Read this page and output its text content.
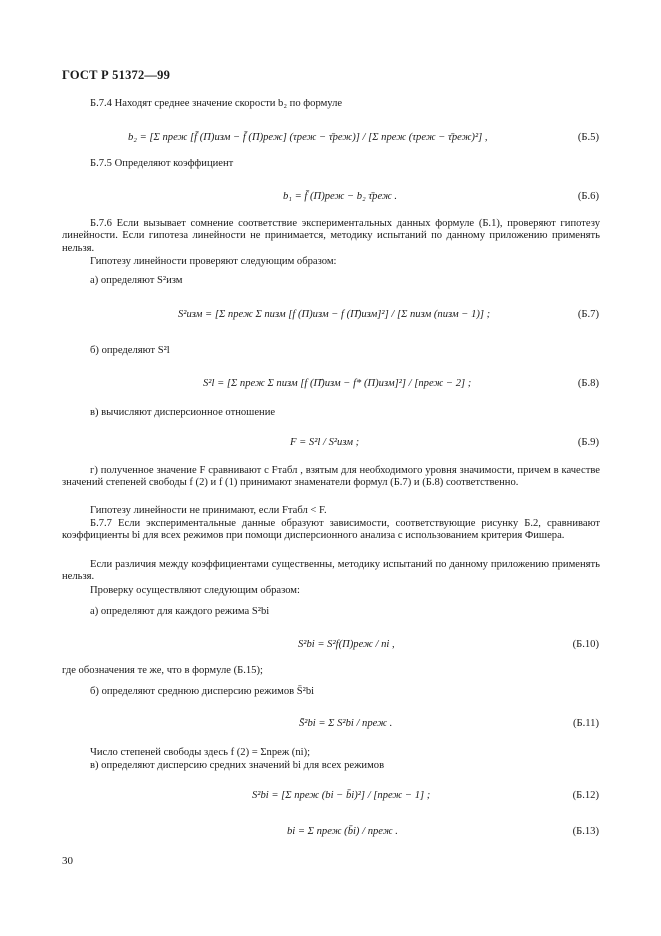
ГОСТ Р 51372—99
Б.7.4 Находят среднее значение скорости b₂ по формуле
b₂ = [Σ nреж [f̄ (П)изм − f̄ (П)реж] (τреж − τ̄реж)] / [Σ nреж (τреж − τ̄реж)²] ,	(Б.5)
Б.7.5 Определяют коэффициент
b₁ = f̄ (П)реж − b₂ τ̄реж .	(Б.6)
Б.7.6 Если вызывает сомнение соответствие экспериментальных данных формуле (Б.1), проверяют гипотезу линейности. Если гипотеза линейности не принимается, методику испытаний по данному приложению применять нельзя.
Гипотезу линейности проверяют следующим образом:
а) определяют S²изм
S²изм = [Σ nреж Σ nизм [f (П)изм − f (П̄)изм]²] / [Σ nизм (nизм − 1)] ;	(Б.7)
б) определяют S²l
S²l = [Σ nреж Σ nизм [f (П̄)изм − f* (П)изм]²] / [nреж − 2] ;	(Б.8)
в) вычисляют дисперсионное отношение
F = S²l / S²изм ;	(Б.9)
г) полученное значение F сравнивают с Fтабл , взятым для необходимого уровня значимости, причем в качестве значений степеней свободы f (2) и f (1) принимают знаменатели формул (Б.7) и (Б.8) соответственно.
Гипотезу линейности не принимают, если Fтабл < F.
Б.7.7 Если экспериментальные данные образуют зависимости, соответствующие рисунку Б.2, сравнивают коэффициенты bi для всех режимов при помощи дисперсионного анализа с использованием критерия Фишера.
Если различия между коэффициентами существенны, методику испытаний по данному приложению применять нельзя.
Проверку осуществляют следующим образом:
а) определяют для каждого режима S²bi
S²bi = S²f(П)реж / ni ,	(Б.10)
где обозначения те же, что в формуле (Б.15);
б) определяют среднюю дисперсию режимов S̄²bi
S̄²bi = Σ S²bi / nреж .	(Б.11)
Число степеней свободы здесь f (2) = Σnреж (ni);
в) определяют дисперсию средних значений bi для всех режимов
S²bi = [Σ nреж (bi − b̄i)²] / [nреж − 1] ;	(Б.12)
bi = Σ nреж (b̄i) / nреж .	(Б.13)
30
